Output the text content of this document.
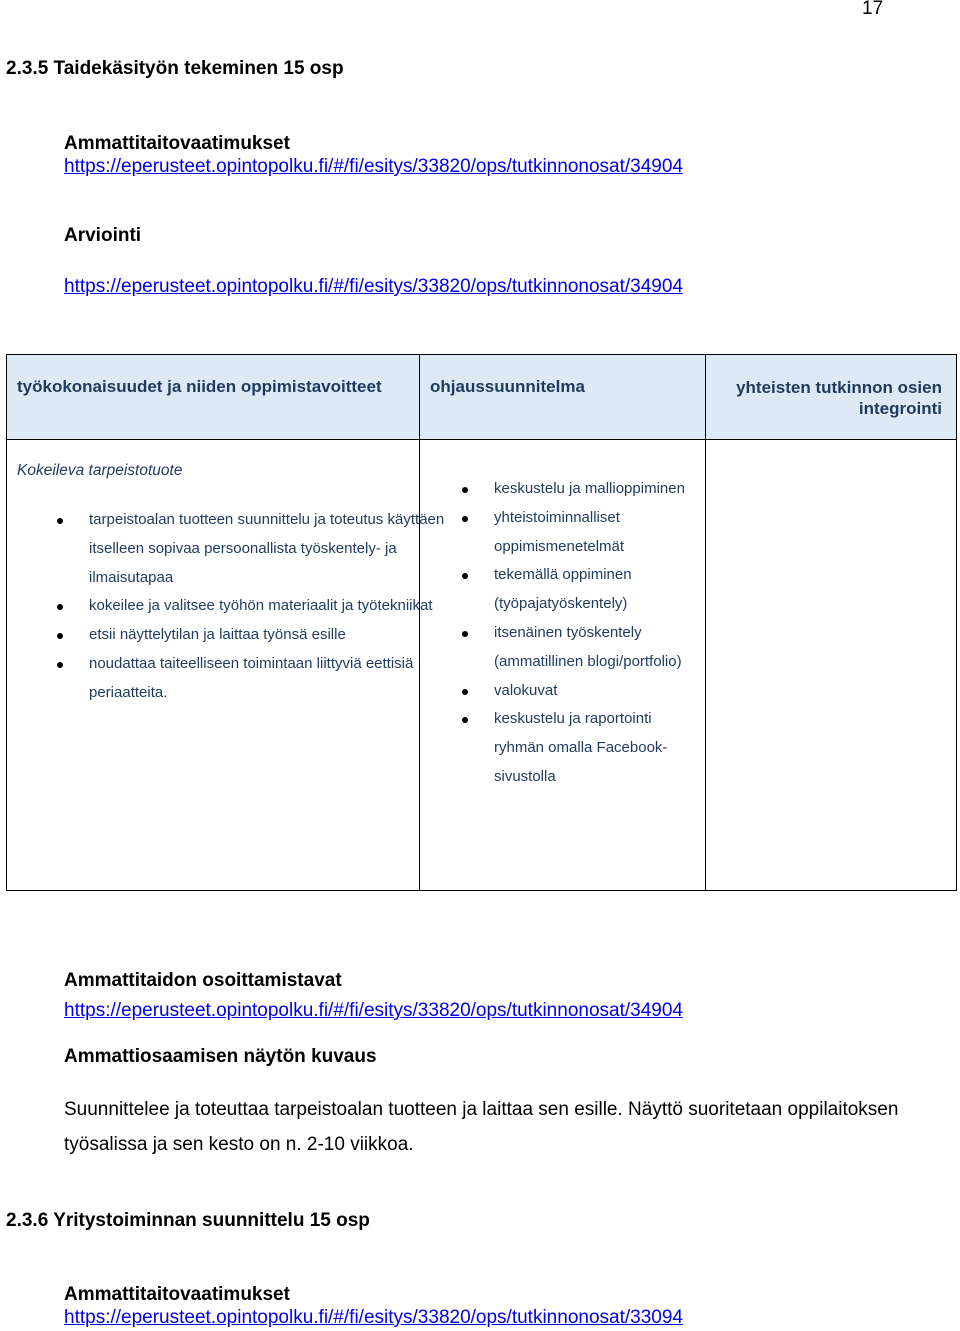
17
2.3.5 Taidekäsityön tekeminen 15 osp
Ammattitaitovaatimukset
https://eperusteet.opintopolku.fi/#/fi/esitys/33820/ops/tutkinnonosat/34904
Arviointi
https://eperusteet.opintopolku.fi/#/fi/esitys/33820/ops/tutkinnonosat/34904
työkokonaisuudet ja niiden oppimistavoitteet	ohjaussuunnitelma	yhteisten tutkinnon osien integrointi
Kokeileva tarpeistotuote
tarpeistoalan tuotteen suunnittelu ja toteutus käyttäen itselleen sopivaa persoonallista työskentely- ja ilmaisutapaa
kokeilee ja valitsee työhön materiaalit ja työtekniikat
etsii näyttelytilan ja laittaa työnsä esille
noudattaa taiteelliseen toimintaan liittyviä eettisiä periaatteita.
keskustelu ja mallioppiminen
yhteistoiminnalliset oppimismenetelmät
tekemällä oppiminen (työpajatyöskentely)
itsenäinen työskentely (ammatillinen blogi/portfolio)
valokuvat
keskustelu ja raportointi ryhmän omalla Facebook-sivustolla
Ammattitaidon osoittamistavat
https://eperusteet.opintopolku.fi/#/fi/esitys/33820/ops/tutkinnonosat/34904
Ammattiosaamisen näytön kuvaus
Suunnittelee ja toteuttaa tarpeistoalan tuotteen ja laittaa sen esille. Näyttö suoritetaan oppilaitoksen työsalissa ja sen kesto on n. 2-10 viikkoa.
2.3.6 Yritystoiminnan suunnittelu 15 osp
Ammattitaitovaatimukset
https://eperusteet.opintopolku.fi/#/fi/esitys/33820/ops/tutkinnonosat/33094
